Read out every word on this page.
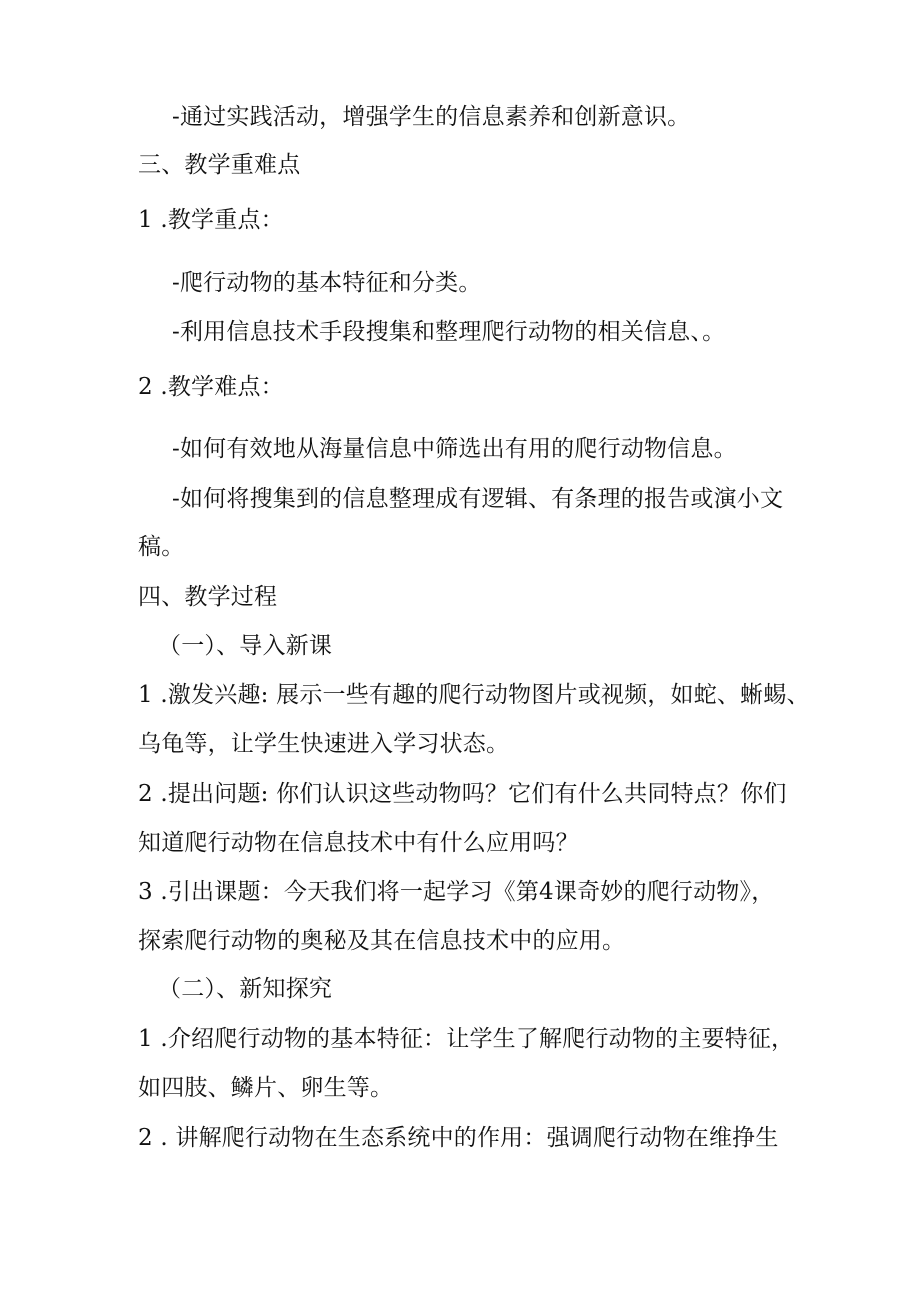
-通过实践活动，增强学生的信息素养和创新意识。
三、教学重难点
1 .教学重点：
-爬行动物的基本特征和分类。
-利用信息技术手段搜集和整理爬行动物的相关信息、。
2 .教学难点：
-如何有效地从海量信息中筛选出有用的爬行动物信息。
-如何将搜集到的信息整理成有逻辑、有条理的报告或演小文
稿。
四、教学过程
（一）、导入新课
1 .激发兴趣: 展示一些有趣的爬行动物图片或视频，如蛇、蜥蜴、
乌龟等，让学生快速进入学习状态。
2 .提出问题: 你们认识这些动物吗？它们有什么共同特点？你们
知道爬行动物在信息技术中有什么应用吗？
3 .引出课题：今天我们将一起学习《第4课奇妙的爬行动物》，
探索爬行动物的奥秘及其在信息技术中的应用。
（二）、新知探究
1 .介绍爬行动物的基本特征：让学生了解爬行动物的主要特征，
如四肢、鳞片、卵生等。
2 . 讲解爬行动物在生态系统中的作用：强调爬行动物在维挣生
